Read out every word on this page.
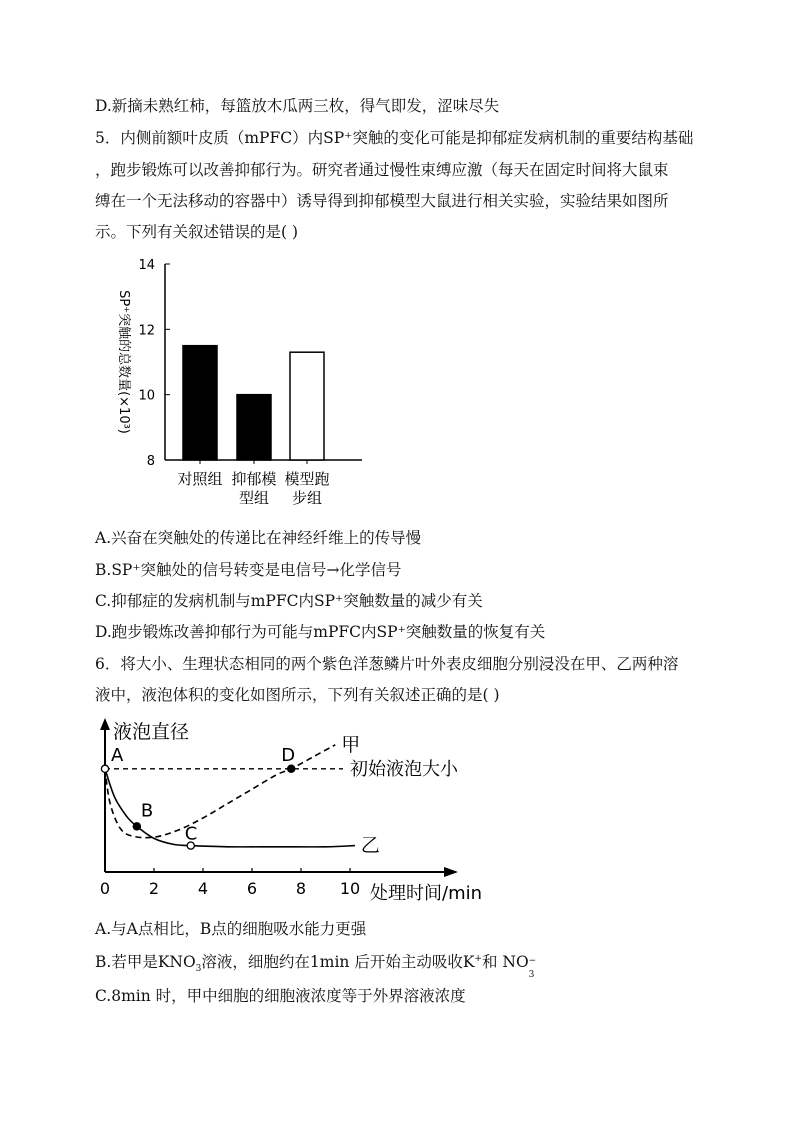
D.新摘未熟红柿，每篮放木瓜两三枚，得气即发，涩味尽失
5．内侧前额叶皮质（mPFC）内SP⁺突触的变化可能是抑郁症发病机制的重要结构基础
，跑步锻炼可以改善抑郁行为。研究者通过慢性束缚应激（每天在固定时间将大鼠束
缚在一个无法移动的容器中）诱导得到抑郁模型大鼠进行相关实验，实验结果如图所
示。下列有关叙述错误的是( )
8
10
12
14
SP⁺突触的总数量(×10³)
对照组 抑郁模
型组
模型跑
步组
A.兴奋在突触处的传递比在神经纤维上的传导慢
B.SP⁺突触处的信号转变是电信号→化学信号
C.抑郁症的发病机制与mPFC内SP⁺突触数量的减少有关
D.跑步锻炼改善抑郁行为可能与mPFC内SP⁺突触数量的恢复有关
6．将大小、生理状态相同的两个紫色洋葱鳞片叶外表皮细胞分别浸没在甲、乙两种溶
液中，液泡体积的变化如图所示，下列有关叙述正确的是( )
液泡直径
处理时间/min
0 2 4 6 8 10
初始液泡大小
甲
乙
A
B
C
D
A.与A点相比，B点的细胞吸水能力更强
B.若甲是$KNO_3$溶液，细胞约在1min 后开始主动吸收K+和 NO −
3
C.8min 时，甲中细胞的细胞液浓度等于外界溶液浓度
